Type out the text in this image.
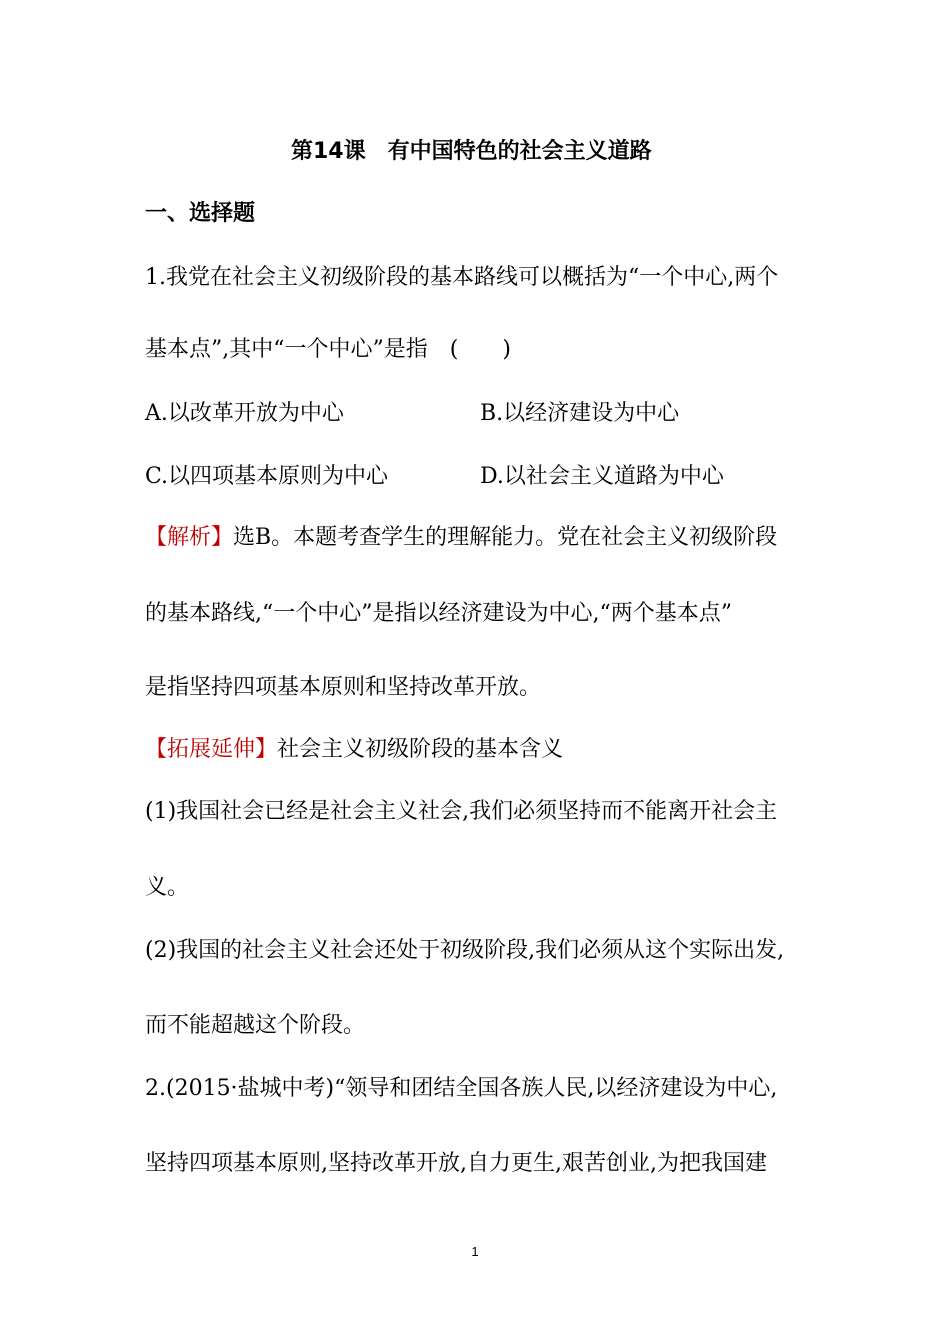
第14课　有中国特色的社会主义道路
一、选择题
1.我党在社会主义初级阶段的基本路线可以概括为“一个中心,两个
基本点”,其中“一个中心”是指　(　　)
A.以改革开放为中心	B.以经济建设为中心
C.以四项基本原则为中心	D.以社会主义道路为中心
【解析】选B。本题考查学生的理解能力。党在社会主义初级阶段
的基本路线,“一个中心”是指以经济建设为中心,“两个基本点”
是指坚持四项基本原则和坚持改革开放。
【拓展延伸】社会主义初级阶段的基本含义
(1)我国社会已经是社会主义社会,我们必须坚持而不能离开社会主
义。
(2)我国的社会主义社会还处于初级阶段,我们必须从这个实际出发,
而不能超越这个阶段。
2.(2015·盐城中考)“领导和团结全国各族人民,以经济建设为中心,
坚持四项基本原则,坚持改革开放,自力更生,艰苦创业,为把我国建
1
